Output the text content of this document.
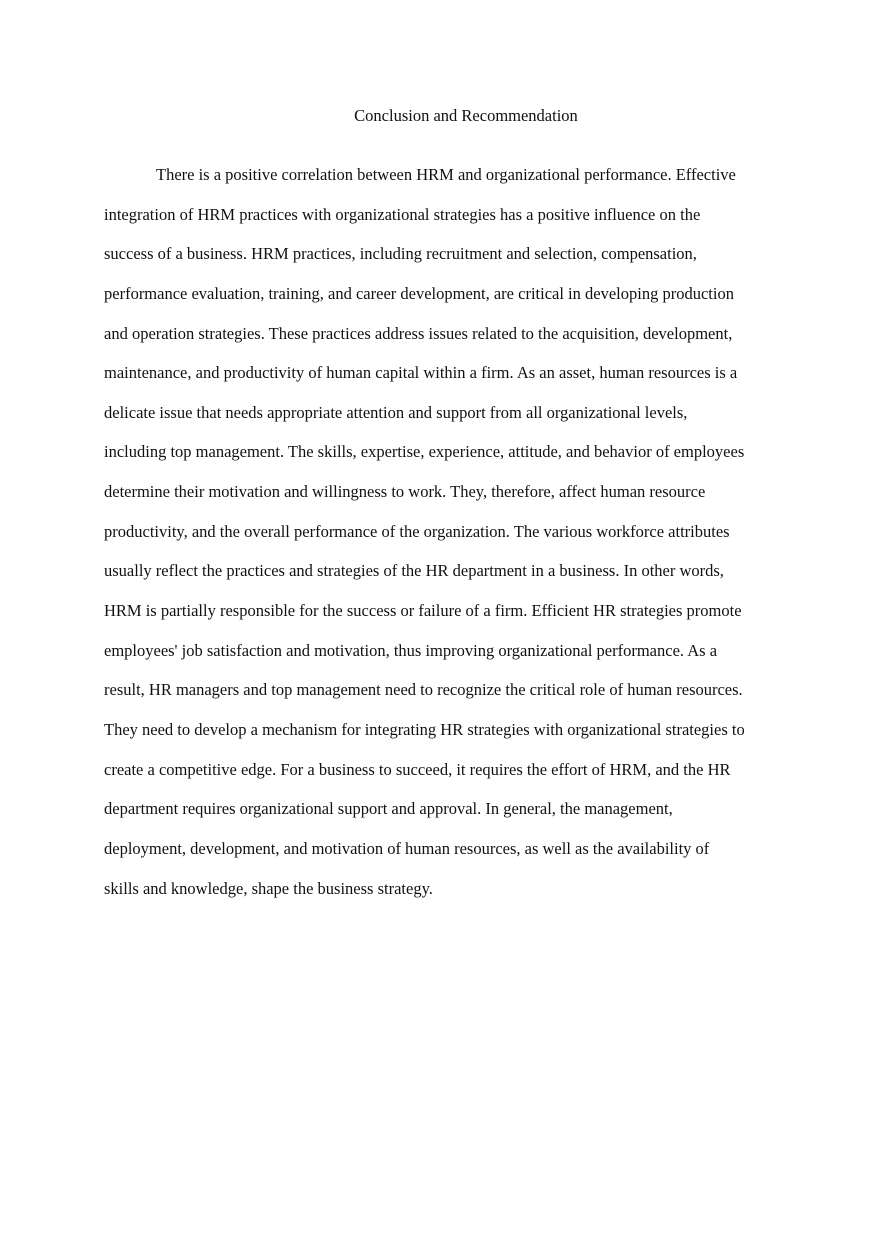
Conclusion and Recommendation
There is a positive correlation between HRM and organizational performance. Effective
integration of HRM practices with organizational strategies has a positive influence on the
success of a business. HRM practices, including recruitment and selection, compensation,
performance evaluation, training, and career development, are critical in developing production
and operation strategies. These practices address issues related to the acquisition, development,
maintenance, and productivity of human capital within a firm. As an asset, human resources is a
delicate issue that needs appropriate attention and support from all organizational levels,
including top management. The skills, expertise, experience, attitude, and behavior of employees
determine their motivation and willingness to work. They, therefore, affect human resource
productivity, and the overall performance of the organization. The various workforce attributes
usually reflect the practices and strategies of the HR department in a business. In other words,
HRM is partially responsible for the success or failure of a firm. Efficient HR strategies promote
employees' job satisfaction and motivation, thus improving organizational performance. As a
result, HR managers and top management need to recognize the critical role of human resources.
They need to develop a mechanism for integrating HR strategies with organizational strategies to
create a competitive edge. For a business to succeed, it requires the effort of HRM, and the HR
department requires organizational support and approval. In general, the management,
deployment, development, and motivation of human resources, as well as the availability of
skills and knowledge, shape the business strategy.
